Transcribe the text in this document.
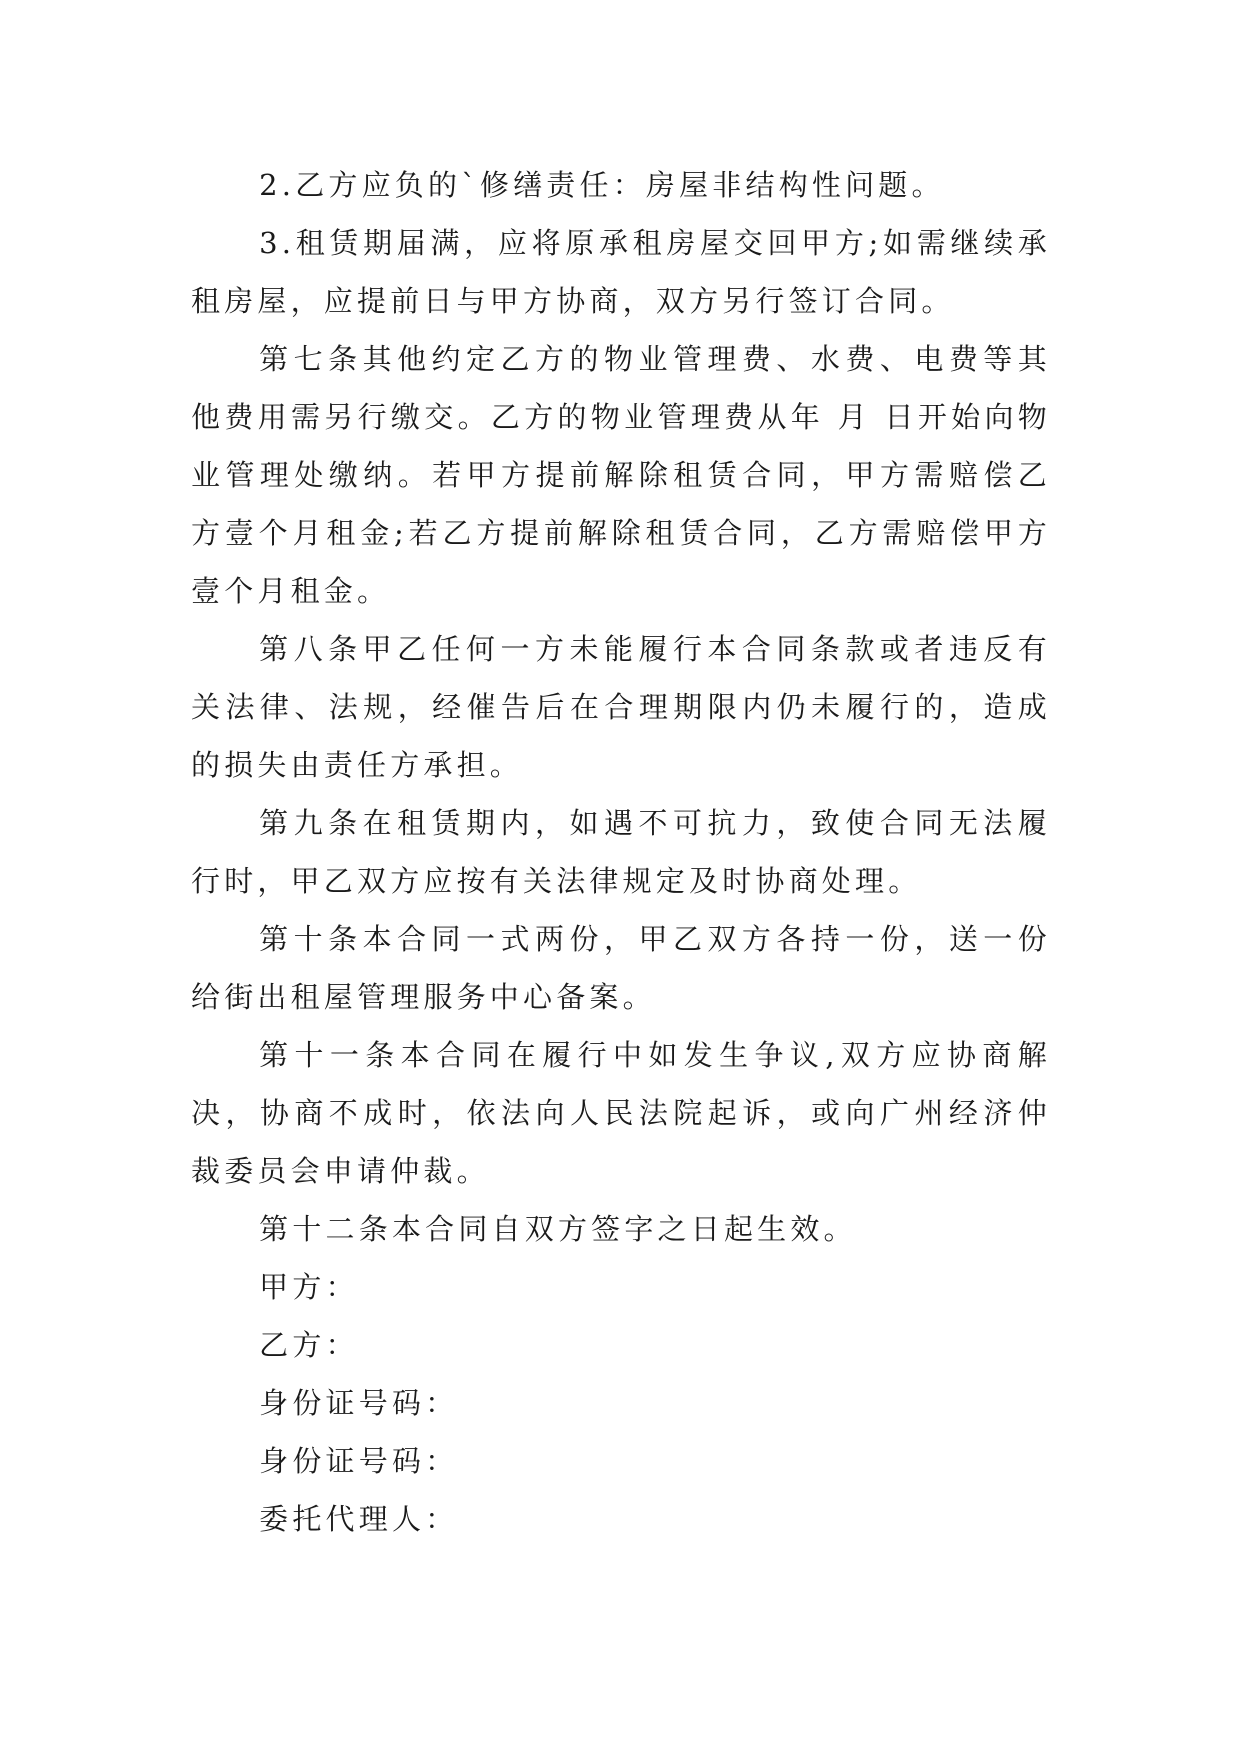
2.乙方应负的`修缮责任：房屋非结构性问题。

3.租赁期届满，应将原承租房屋交回甲方;如需继续承租房屋，应提前日与甲方协商，双方另行签订合同。

第七条其他约定乙方的物业管理费、水费、电费等其他费用需另行缴交。乙方的物业管理费从年 月 日开始向物业管理处缴纳。若甲方提前解除租赁合同，甲方需赔偿乙方壹个月租金;若乙方提前解除租赁合同，乙方需赔偿甲方壹个月租金。

第八条甲乙任何一方未能履行本合同条款或者违反有关法律、法规，经催告后在合理期限内仍未履行的，造成的损失由责任方承担。

第九条在租赁期内，如遇不可抗力，致使合同无法履行时，甲乙双方应按有关法律规定及时协商处理。

第十条本合同一式两份，甲乙双方各持一份，送一份给街出租屋管理服务中心备案。

第十一条本合同在履行中如发生争议,双方应协商解决，协商不成时，依法向人民法院起诉，或向广州经济仲裁委员会申请仲裁。

第十二条本合同自双方签字之日起生效。

甲方：

乙方：

身份证号码：

身份证号码：

委托代理人：
